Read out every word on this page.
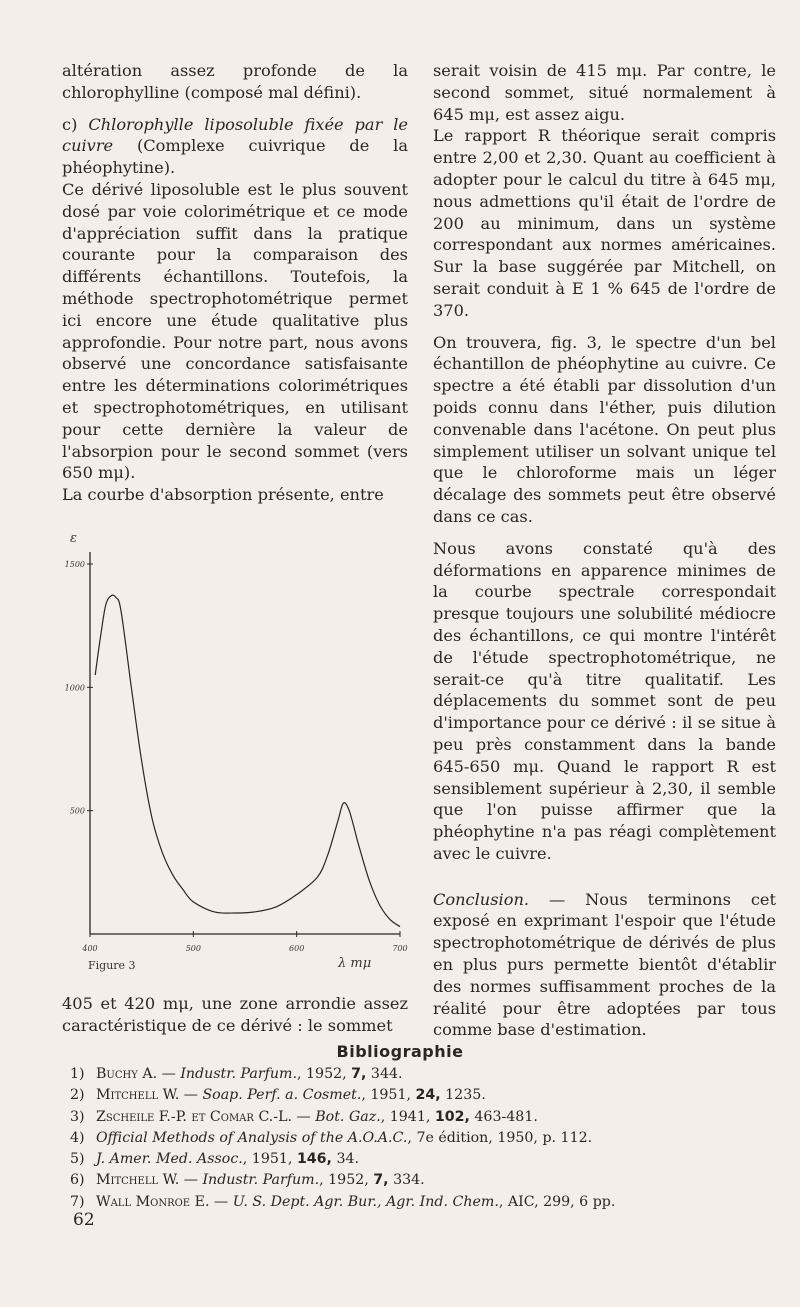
altération assez profonde de la chlorophylline (composé mal défini).

c) Chlorophylle liposoluble fixée par le cuivre (Complexe cuivrique de la phéophytine).

Ce dérivé liposoluble est le plus souvent dosé par voie colorimétrique et ce mode d'appréciation suffit dans la pratique courante pour la comparaison des différents échantillons. Toutefois, la méthode spectrophotométrique permet ici encore une étude qualitative plus approfondie. Pour notre part, nous avons observé une concordance satisfaisante entre les déterminations colorimétriques et spectrophotométriques, en utilisant pour cette dernière la valeur de l'absorpion pour le second sommet (vers 650 mμ).

La courbe d'absorption présente, entre

ε
500
1000
1500
400	500	600	700
λ mμ
Figure 3
405 et 420 mμ, une zone arrondie assez caractéristique de ce dérivé : le sommet

serait voisin de 415 mμ. Par contre, le second sommet, situé normalement à 645 mμ, est assez aigu.

Le rapport R théorique serait compris entre 2,00 et 2,30. Quant au coefficient à adopter pour le calcul du titre à 645 mμ, nous admettions qu'il était de l'ordre de 200 au minimum, dans un système correspondant aux normes américaines. Sur la base suggérée par Mitchell, on serait conduit à E 1 % 645 de l'ordre de 370.

On trouvera, fig. 3, le spectre d'un bel échantillon de phéophytine au cuivre. Ce spectre a été établi par dissolution d'un poids connu dans l'éther, puis dilution convenable dans l'acétone. On peut plus simplement utiliser un solvant unique tel que le chloroforme mais un léger décalage des sommets peut être observé dans ce cas.

Nous avons constaté qu'à des déformations en apparence minimes de la courbe spectrale correspondait presque toujours une solubilité médiocre des échantillons, ce qui montre l'intérêt de l'étude spectrophotométrique, ne serait-ce qu'à titre qualitatif. Les déplacements du sommet sont de peu d'importance pour ce dérivé : il se situe à peu près constamment dans la bande 645-650 mμ. Quand le rapport R est sensiblement supérieur à 2,30, il semble que l'on puisse affirmer que la phéophytine n'a pas réagi complètement avec le cuivre.

Conclusion. — Nous terminons cet exposé en exprimant l'espoir que l'étude spectrophotométrique de dérivés de plus en plus purs permette bientôt d'établir des normes suffisamment proches de la réalité pour être adoptées par tous comme base d'estimation.

Bibliographie
1) Buchy A. — Industr. Parfum., 1952, 7, 344.
2) Mitchell W. — Soap. Perf. a. Cosmet., 1951, 24, 1235.
3) Zscheile F.-P. et Comar C.-L. — Bot. Gaz., 1941, 102, 463-481.
4) Official Methods of Analysis of the A.O.A.C., 7e édition, 1950, p. 112.
5) J. Amer. Med. Assoc., 1951, 146, 34.
6) Mitchell W. — Industr. Parfum., 1952, 7, 334.
7) Wall Monroe E. — U. S. Dept. Agr. Bur., Agr. Ind. Chem., AIC, 299, 6 pp.
62
